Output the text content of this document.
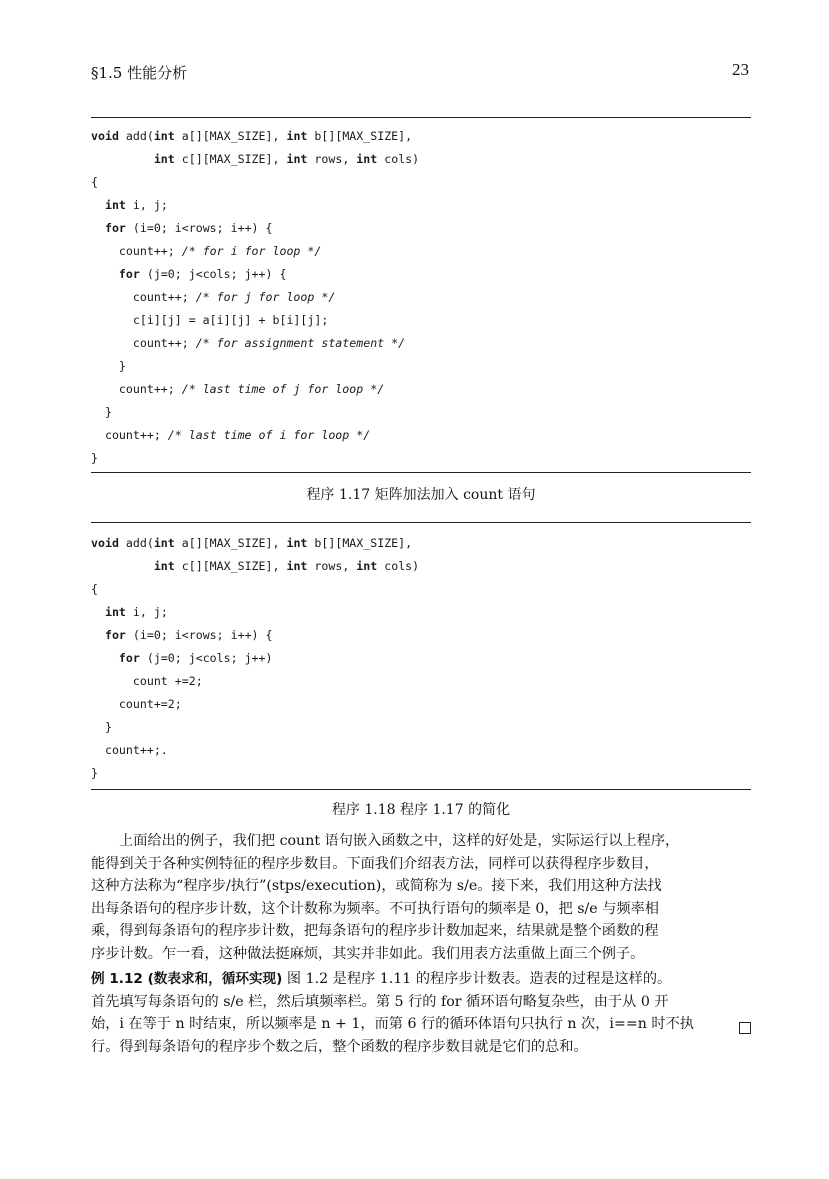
§1.5 性能分析	23
void add(int a[][MAX_SIZE], int b[][MAX_SIZE],
int c[][MAX_SIZE], int rows, int cols)
{
int i, j;
for (i=0; i<rows; i++) {
count++; /* for i for loop */
for (j=0; j<cols; j++) {
count++; /* for j for loop */
c[i][j] = a[i][j] + b[i][j];
count++; /* for assignment statement */
}
count++; /* last time of j for loop */
}
count++; /* last time of i for loop */
}
程序 1.17 矩阵加法加入 count 语句
void add(int a[][MAX_SIZE], int b[][MAX_SIZE],
int c[][MAX_SIZE], int rows, int cols)
{
int i, j;
for (i=0; i<rows; i++) {
for (j=0; j<cols; j++)
count +=2;
count+=2;
}
count++;.
}
程序 1.18 程序 1.17 的简化
上面给出的例子，我们把 count 语句嵌入函数之中，这样的好处是，实际运行以上程序，
能得到关于各种实例特征的程序步数目。下面我们介绍表方法，同样可以获得程序步数目，
这种方法称为“程序步/执行”(stps/execution)，或简称为 s/e。接下来，我们用这种方法找
出每条语句的程序步计数，这个计数称为频率。不可执行语句的频率是 0，把 s/e 与频率相
乘，得到每条语句的程序步计数，把每条语句的程序步计数加起来，结果就是整个函数的程
序步计数。乍一看，这种做法挺麻烦，其实并非如此。我们用表方法重做上面三个例子。
例 1.12 (数表求和，循环实现) 图 1.2 是程序 1.11 的程序步计数表。造表的过程是这样的。
首先填写每条语句的 s/e 栏，然后填频率栏。第 5 行的 for 循环语句略复杂些，由于从 0 开
始，i 在等于 n 时结束，所以频率是 n + 1，而第 6 行的循环体语句只执行 n 次，i==n 时不执
行。得到每条语句的程序步个数之后，整个函数的程序步数目就是它们的总和。
